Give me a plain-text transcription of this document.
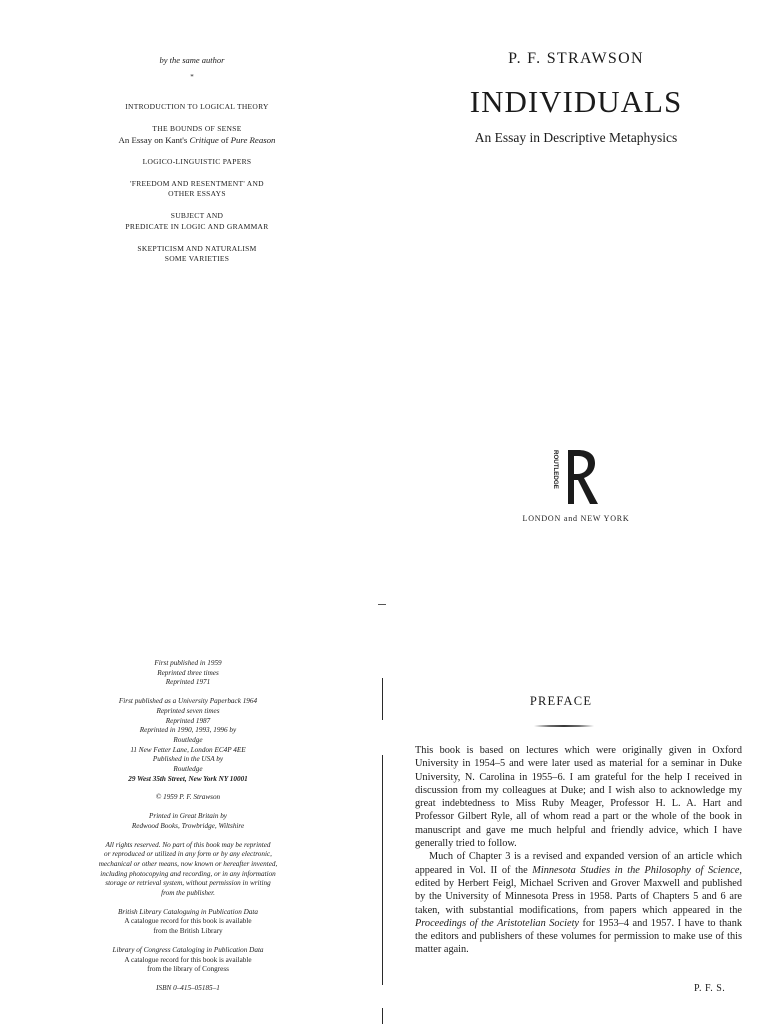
by the same author
*
INTRODUCTION TO LOGICAL THEORY
THE BOUNDS OF SENSE
An Essay on Kant's Critique of Pure Reason
LOGICO-LINGUISTIC PAPERS
'FREEDOM AND RESENTMENT' AND
OTHER ESSAYS
SUBJECT AND
PREDICATE IN LOGIC AND GRAMMAR
SKEPTICISM AND NATURALISM
SOME VARIETIES
First published in 1959
Reprinted three times
Reprinted 1971
First published as a University Paperback 1964
Reprinted seven times
Reprinted 1987
Reprinted in 1990, 1993, 1996 by
Routledge
11 New Fetter Lane, London EC4P 4EE
Published in the USA by
Routledge
29 West 35th Street, New York NY 10001
© 1959 P. F. Strawson
Printed in Great Britain by
Redwood Books, Trowbridge, Wiltshire
All rights reserved. No part of this book may be reprinted
or reproduced or utilized in any form or by any electronic,
mechanical or other means, now known or hereafter invented,
including photocopying and recording, or in any information
storage or retrieval system, without permission in writing
from the publisher.
British Library Cataloguing in Publication Data
A catalogue record for this book is available
from the British Library
Library of Congress Cataloging in Publication Data
A catalogue record for this book is available
from the library of Congress
ISBN 0–415–05185–1
P. F. STRAWSON
INDIVIDUALS
An Essay in Descriptive Metaphysics
ROUTLEDGE
LONDON and NEW YORK
PREFACE

This book is based on lectures which were originally given in Oxford University in 1954–5 and were later used as material for a seminar in Duke University, N. Carolina in 1955–6. I am grateful for the help I received in discussion from my colleagues at Duke; and I wish also to acknowledge my great indebtedness to Miss Ruby Meager, Professor H. L. A. Hart and Professor Gilbert Ryle, all of whom read a part or the whole of the book in manuscript and gave me much helpful and friendly advice, which I have generally tried to follow.

Much of Chapter 3 is a revised and expanded version of an article which appeared in Vol. II of the Minnesota Studies in the Philosophy of Science, edited by Herbert Feigl, Michael Scriven and Grover Maxwell and published by the University of Minnesota Press in 1958. Parts of Chapters 5 and 6 are taken, with substantial modifications, from papers which appeared in the Proceedings of the Aristotelian Society for 1953–4 and 1957. I have to thank the editors and publishers of these volumes for permission to make use of this matter again.

P. F. S.
